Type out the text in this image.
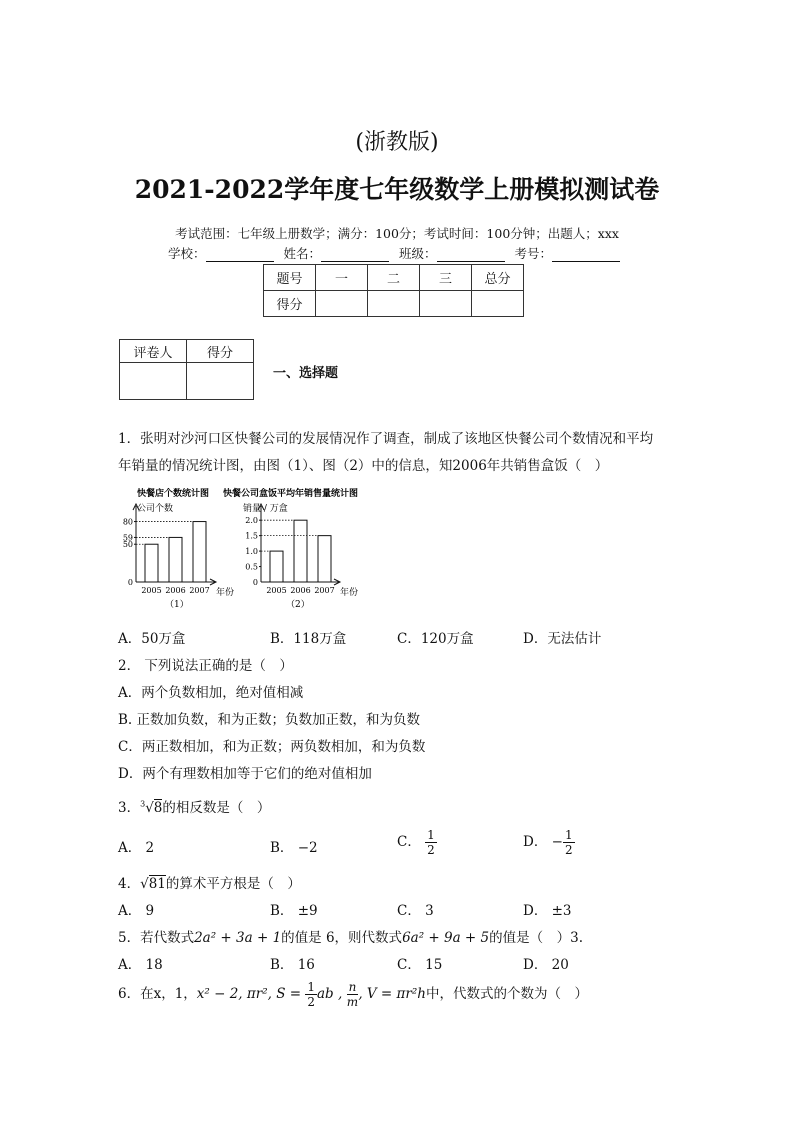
(浙教版)
2021-2022学年度七年级数学上册模拟测试卷
考试范围：七年级上册数学；满分：100分；考试时间：100分钟；出题人；xxx
学校：	姓名：	班级：	考号：
题号	一	二	三	总分
得分				
评卷人	得分

一、选择题
1．张明对沙河口区快餐公司的发展情况作了调查，制成了该地区快餐公司个数情况和平均
年销量的情况统计图，由图（1）、图（2）中的信息，知2006年共销售盒饭（　）
快餐店个数统计图
公司个数
80
59
50
0
2005 2006 2007 年份
（1）
快餐公司盒饭平均年销售量统计图
销量 / 万盒
2.0
1.5
1.0
0.5
0
2005 2006 2007 年份
（2）
A．50万盒	B．118万盒	C．120万盒	D．无法估计
2． 下列说法正确的是（　）
A．两个负数相加，绝对值相减
B. 正数加负数，和为正数；负数加正数，和为负数
C．两正数相加，和为正数；两负数相加，和为负数
D．两个有理数相加等于它们的绝对值相加
3．$^3$√8的相反数是（　）
A． 2	B． −2	C． $\frac{1}{2}$	D． − $\frac{1}{2}$
4．√81的算术平方根是（　）
A． 9	B． ±9	C． 3	D． ±3
5．若代数式2a² + 3a + 1的值是 6，则代数式6a² + 9a + 5的值是（　）3.
A． 18	B． 16	C． 15	D． 20
6．在x，1，x² − 2, πr², $S = \frac{1}{2}$ ab , $\frac{n}{m}$ , V = πr²h中，代数式的个数为（　）
